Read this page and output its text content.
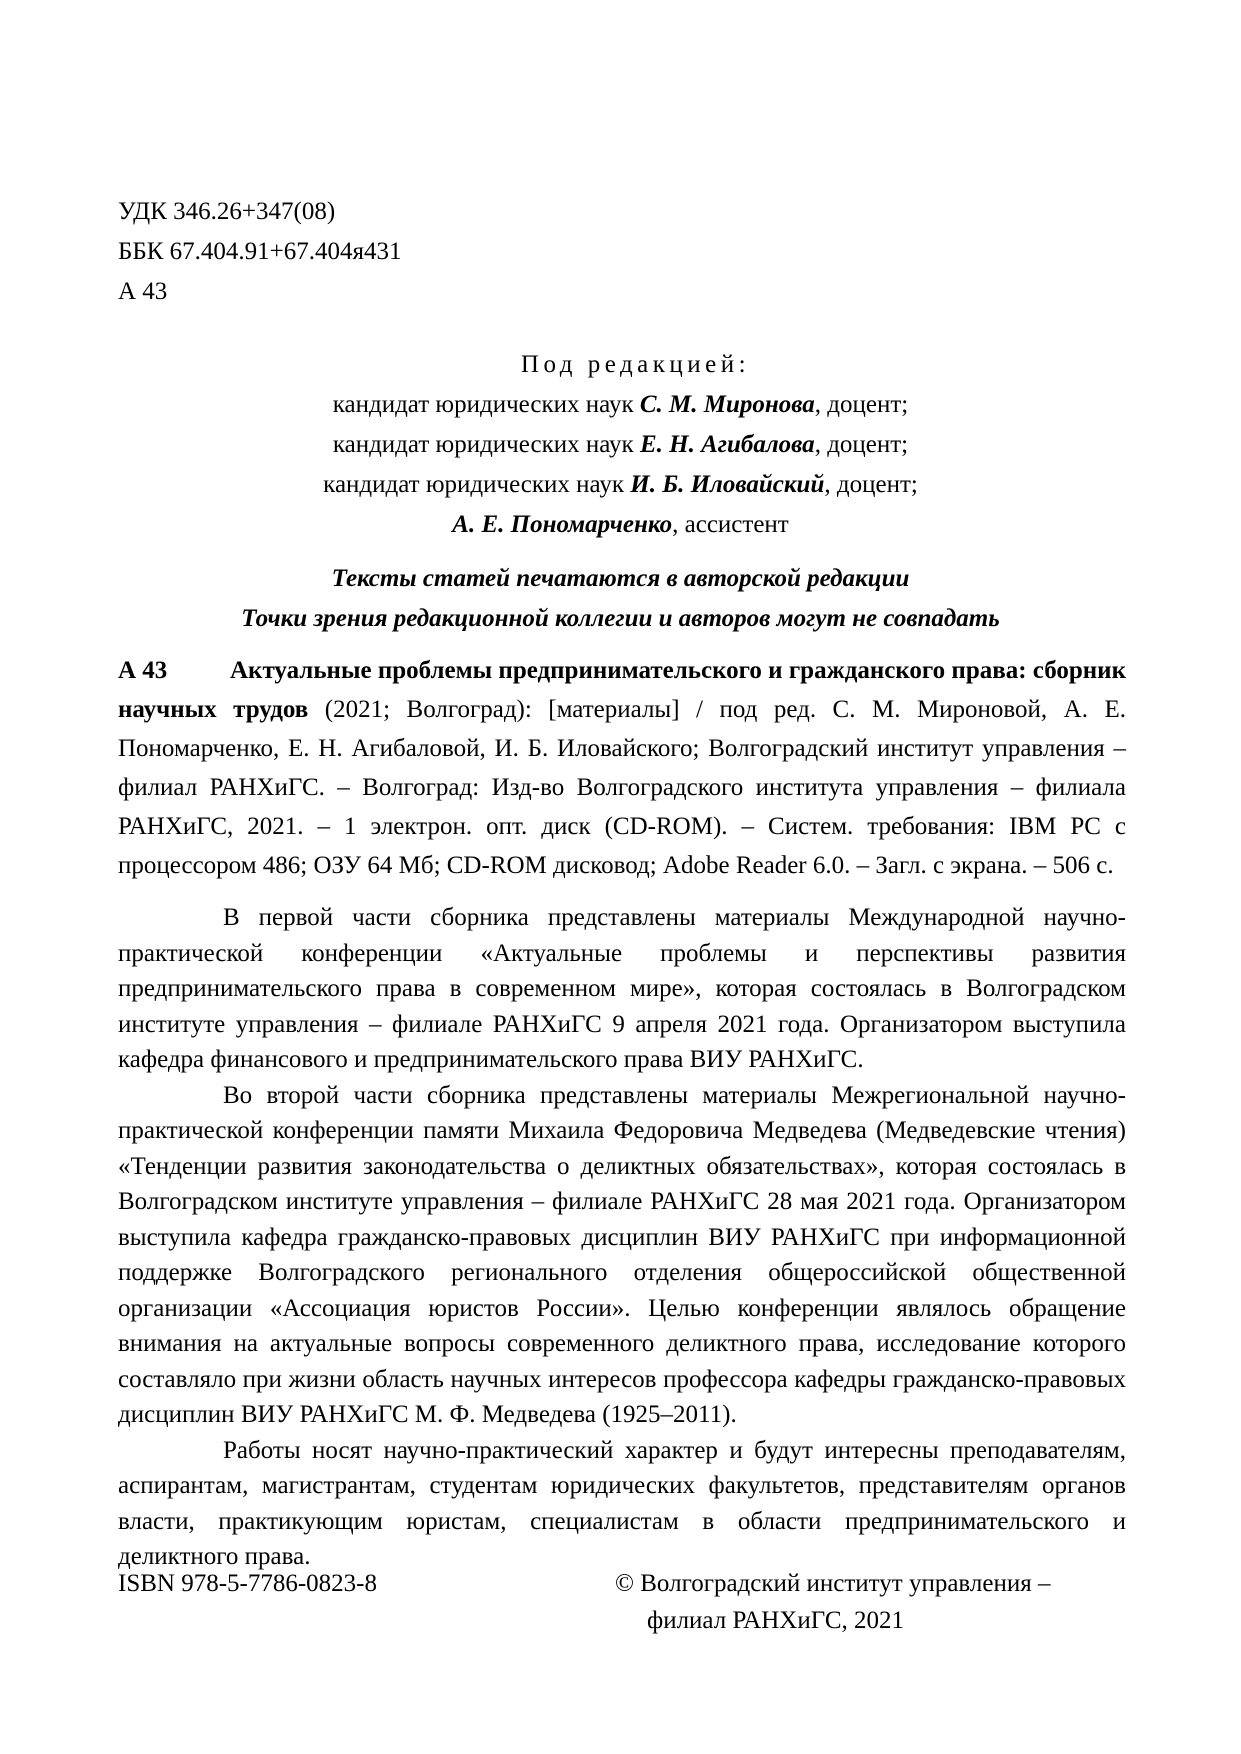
УДК 346.26+347(08)
ББК 67.404.91+67.404я431
А 43
Под редакцией:
кандидат юридических наук С. М. Миронова, доцент;
кандидат юридических наук Е. Н. Агибалова, доцент;
кандидат юридических наук И. Б. Иловайский, доцент;
А. Е. Пономарченко, ассистент
Тексты статей печатаются в авторской редакции
Точки зрения редакционной коллегии и авторов могут не совпадать
А 43	Актуальные проблемы предпринимательского и гражданского права: сборник научных трудов (2021; Волгоград): [материалы] / под ред. С. М. Мироновой, А. Е. Пономарченко, Е. Н. Агибаловой, И. Б. Иловайского; Волгоградский институт управления – филиал РАНХиГС. – Волгоград: Изд-во Волгоградского института управления – филиала РАНХиГС, 2021. – 1 электрон. опт. диск (CD-ROM). – Систем. требования: IBM PC с процессором 486; ОЗУ 64 Мб; CD-ROM дисковод; Adobe Reader 6.0. – Загл. с экрана. – 506 с.

В первой части сборника представлены материалы Международной научно-практической конференции «Актуальные проблемы и перспективы развития предпринимательского права в современном мире», которая состоялась в Волгоградском институте управления – филиале РАНХиГС 9 апреля 2021 года. Организатором выступила кафедра финансового и предпринимательского права ВИУ РАНХиГС.

Во второй части сборника представлены материалы Межрегиональной научно-практической конференции памяти Михаила Федоровича Медведева (Медведевские чтения) «Тенденции развития законодательства о деликтных обязательствах», которая состоялась в Волгоградском институте управления – филиале РАНХиГС 28 мая 2021 года. Организатором выступила кафедра гражданско-правовых дисциплин ВИУ РАНХиГС при информационной поддержке Волгоградского регионального отделения общероссийской общественной организации «Ассоциация юристов России». Целью конференции являлось обращение внимания на актуальные вопросы современного деликтного права, исследование которого составляло при жизни область научных интересов профессора кафедры гражданско-правовых дисциплин ВИУ РАНХиГС М. Ф. Медведева (1925–2011).

Работы носят научно-практический характер и будут интересны преподавателям, аспирантам, магистрантам, студентам юридических факультетов, представителям органов власти, практикующим юристам, специалистам в области предпринимательского и деликтного права.

ISBN 978-5-7786-0823-8	© Волгоградский институт управления –
филиал РАНХиГС, 2021
